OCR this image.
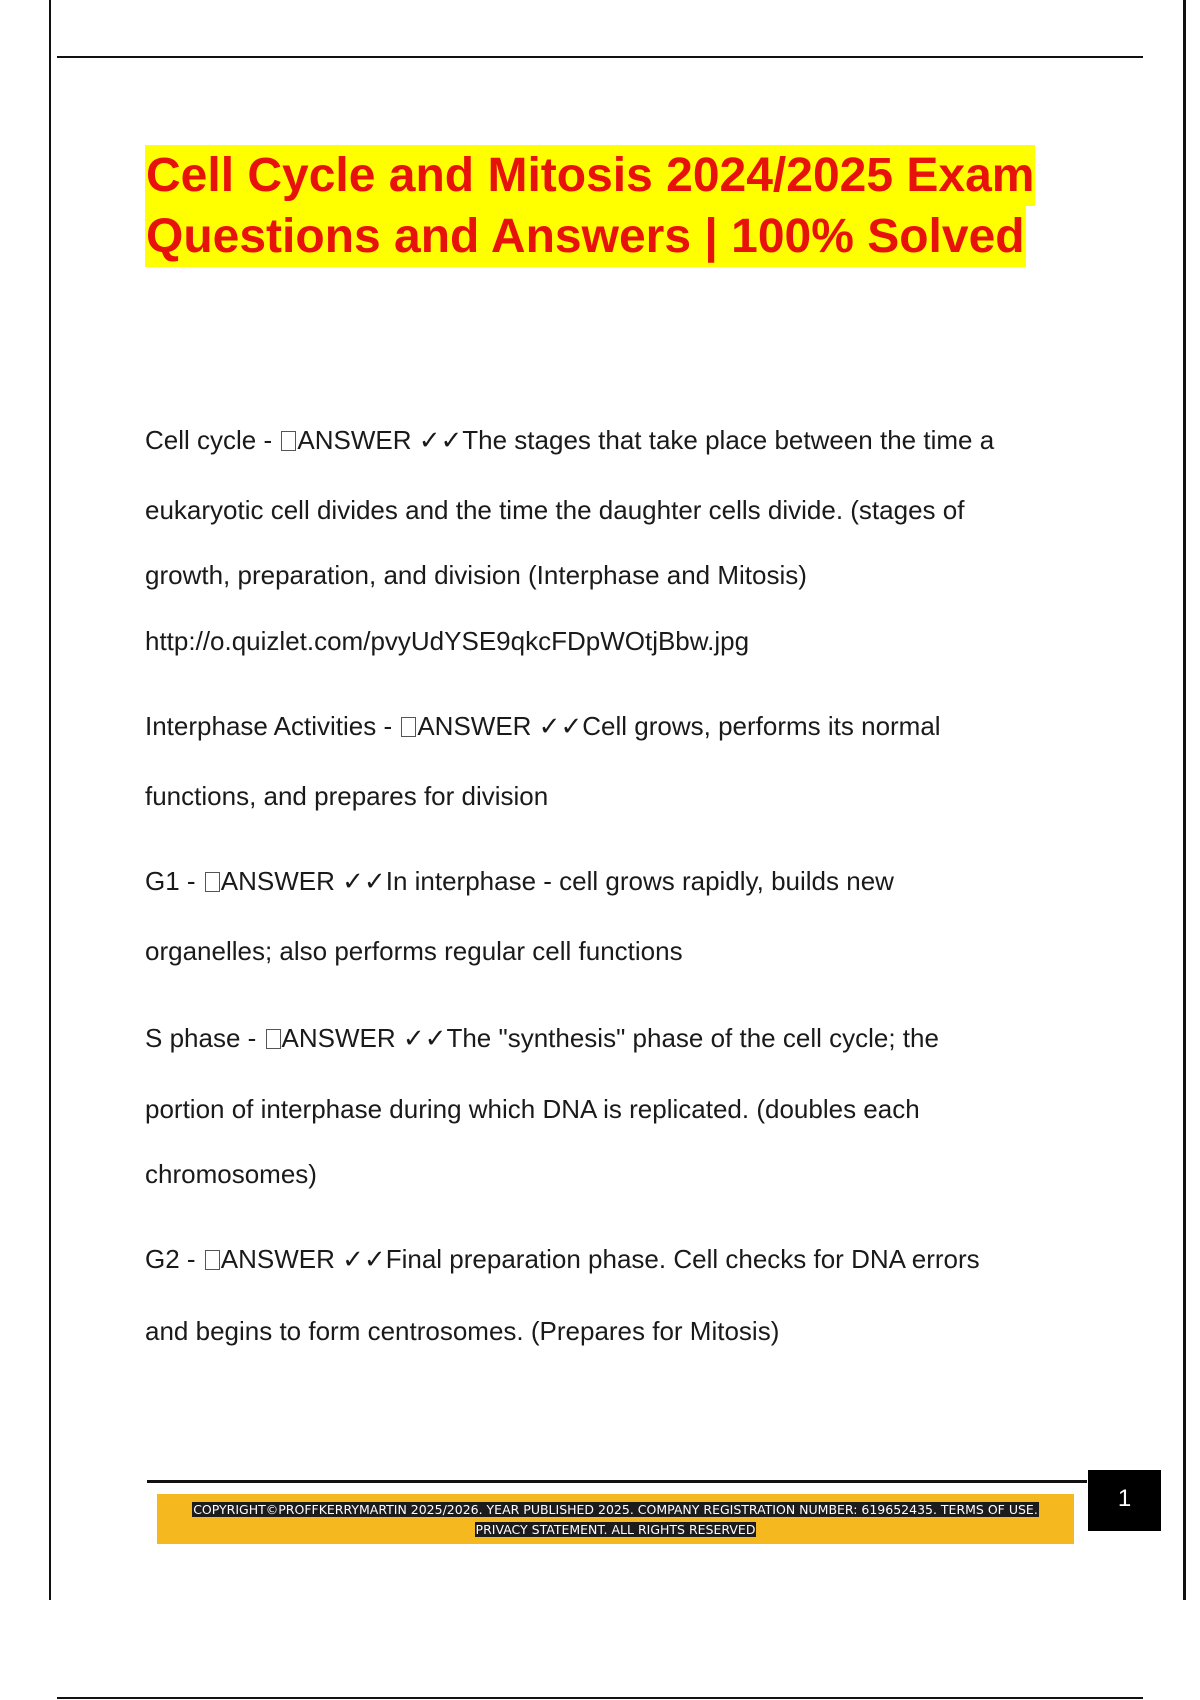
Cell Cycle and Mitosis 2024/2025 Exam
Questions and Answers | 100% Solved
Cell cycle - ANSWER ✓✓The stages that take place between the time a
eukaryotic cell divides and the time the daughter cells divide. (stages of
growth, preparation, and division (Interphase and Mitosis)
http://o.quizlet.com/pvyUdYSE9qkcFDpWOtjBbw.jpg
Interphase Activities - ANSWER ✓✓Cell grows, performs its normal
functions, and prepares for division
G1 - ANSWER ✓✓In interphase - cell grows rapidly, builds new
organelles; also performs regular cell functions
S phase - ANSWER ✓✓The "synthesis" phase of the cell cycle; the
portion of interphase during which DNA is replicated. (doubles each
chromosomes)
G2 - ANSWER ✓✓Final preparation phase. Cell checks for DNA errors
and begins to form centrosomes. (Prepares for Mitosis)
COPYRIGHT©PROFFKERRYMARTIN 2025/2026. YEAR PUBLISHED 2025. COMPANY REGISTRATION NUMBER: 619652435. TERMS OF USE.
PRIVACY STATEMENT. ALL RIGHTS RESERVED
1
